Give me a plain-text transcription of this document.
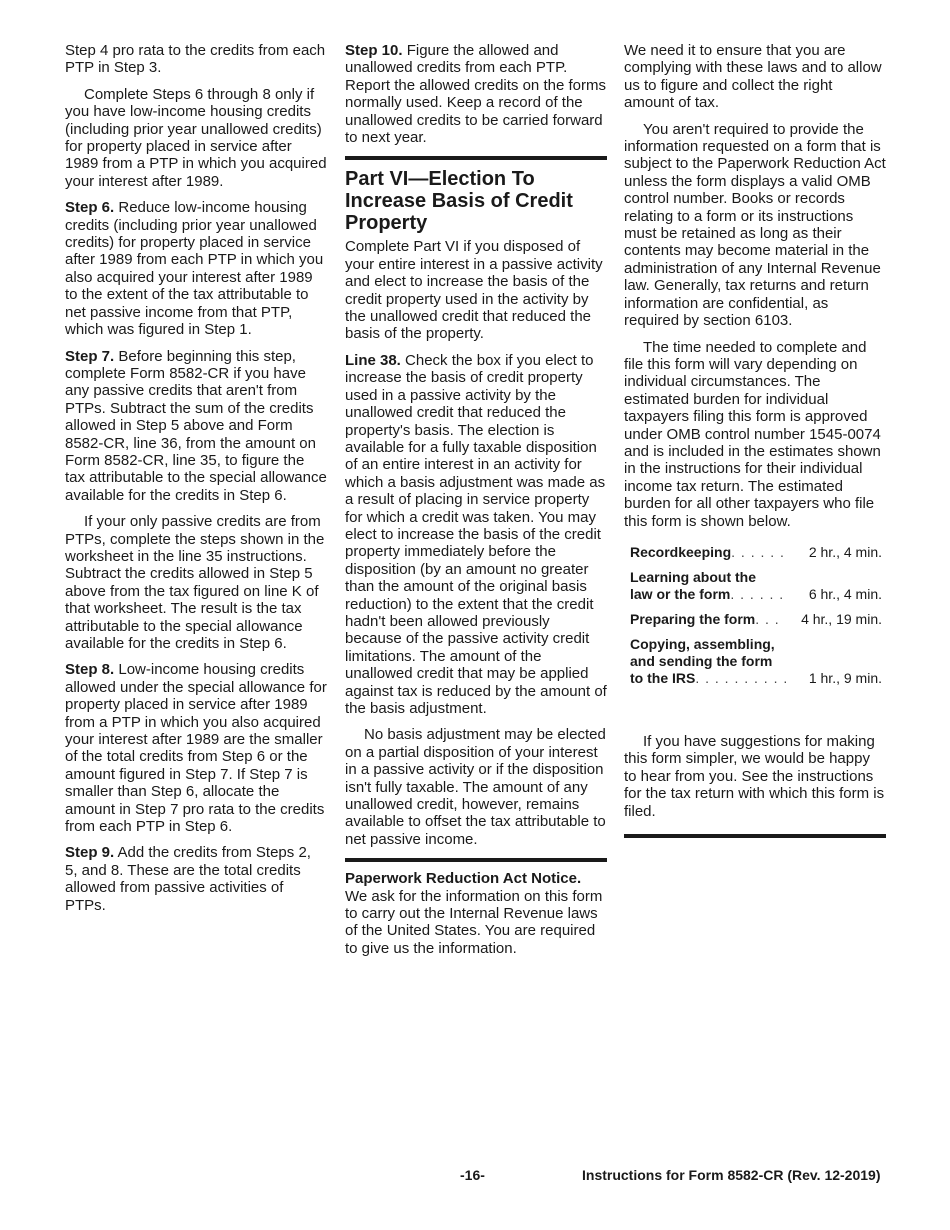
Step 4 pro rata to the credits from each PTP in Step 3.

Complete Steps 6 through 8 only if you have low-income housing credits (including prior year unallowed credits) for property placed in service after 1989 from a PTP in which you acquired your interest after 1989.

Step 6. Reduce low-income housing credits (including prior year unallowed credits) for property placed in service after 1989 from each PTP in which you also acquired your interest after 1989 to the extent of the tax attributable to net passive income from that PTP, which was figured in Step 1.

Step 7. Before beginning this step, complete Form 8582-CR if you have any passive credits that aren't from PTPs. Subtract the sum of the credits allowed in Step 5 above and Form 8582-CR, line 36, from the amount on Form 8582-CR, line 35, to figure the tax attributable to the special allowance available for the credits in Step 6.

If your only passive credits are from PTPs, complete the steps shown in the worksheet in the line 35 instructions. Subtract the credits allowed in Step 5 above from the tax figured on line K of that worksheet. The result is the tax attributable to the special allowance available for the credits in Step 6.

Step 8. Low-income housing credits allowed under the special allowance for property placed in service after 1989 from a PTP in which you also acquired your interest after 1989 are the smaller of the total credits from Step 6 or the amount figured in Step 7. If Step 7 is smaller than Step 6, allocate the amount in Step 7 pro rata to the credits from each PTP in Step 6.

Step 9. Add the credits from Steps 2, 5, and 8. These are the total credits allowed from passive activities of PTPs.

Step 10. Figure the allowed and unallowed credits from each PTP. Report the allowed credits on the forms normally used. Keep a record of the unallowed credits to be carried forward to next year.

Part VI—Election To Increase Basis of Credit Property

Complete Part VI if you disposed of your entire interest in a passive activity and elect to increase the basis of the credit property used in the activity by the unallowed credit that reduced the basis of the property.

Line 38. Check the box if you elect to increase the basis of credit property used in a passive activity by the unallowed credit that reduced the property's basis. The election is available for a fully taxable disposition of an entire interest in an activity for which a basis adjustment was made as a result of placing in service property for which a credit was taken. You may elect to increase the basis of the credit property immediately before the disposition (by an amount no greater than the amount of the original basis reduction) to the extent that the credit hadn't been allowed previously because of the passive activity credit limitations. The amount of the unallowed credit that may be applied against tax is reduced by the amount of the basis adjustment.

No basis adjustment may be elected on a partial disposition of your interest in a passive activity or if the disposition isn't fully taxable. The amount of any unallowed credit, however, remains available to offset the tax attributable to net passive income.

Paperwork Reduction Act Notice.

We ask for the information on this form to carry out the Internal Revenue laws of the United States. You are required to give us the information.

We need it to ensure that you are complying with these laws and to allow us to figure and collect the right amount of tax.

You aren't required to provide the information requested on a form that is subject to the Paperwork Reduction Act unless the form displays a valid OMB control number. Books or records relating to a form or its instructions must be retained as long as their contents may become material in the administration of any Internal Revenue law. Generally, tax returns and return information are confidential, as required by section 6103.

The time needed to complete and file this form will vary depending on individual circumstances. The estimated burden for individual taxpayers filing this form is approved under OMB control number 1545-0074 and is included in the estimates shown in the instructions for their individual income tax return. The estimated burden for all other taxpayers who file this form is shown below.

Recordkeeping. . . . . .	2 hr., 4 min.
Learning about the
law or the form. . . . . .	6 hr., 4 min.
Preparing the form. . .	4 hr., 19 min.
Copying, assembling,
and sending the form
to the IRS. . . . . . . . . .	1 hr., 9 min.

If you have suggestions for making this form simpler, we would be happy to hear from you. See the instructions for the tax return with which this form is filed.

-16-	Instructions for Form 8582-CR (Rev. 12-2019)
